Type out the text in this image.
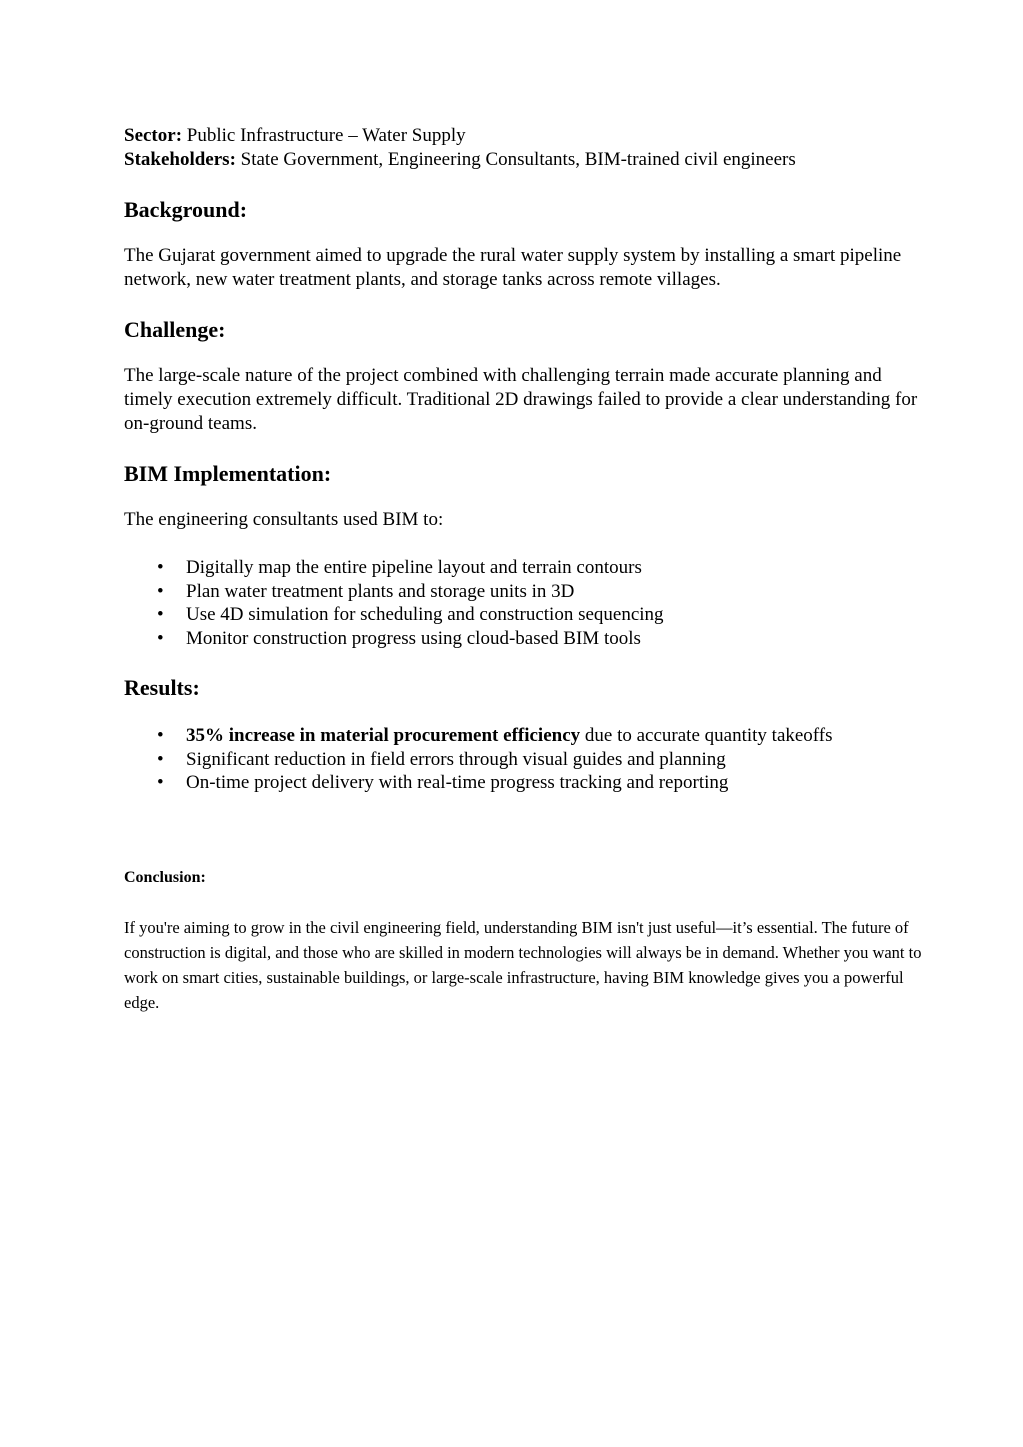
Sector: Public Infrastructure – Water Supply

Stakeholders: State Government, Engineering Consultants, BIM-trained civil engineers

Background:

The Gujarat government aimed to upgrade the rural water supply system by installing a smart pipeline network, new water treatment plants, and storage tanks across remote villages.

Challenge:

The large-scale nature of the project combined with challenging terrain made accurate planning and timely execution extremely difficult. Traditional 2D drawings failed to provide a clear understanding for on-ground teams.

BIM Implementation:

The engineering consultants used BIM to:

• Digitally map the entire pipeline layout and terrain contours
• Plan water treatment plants and storage units in 3D
• Use 4D simulation for scheduling and construction sequencing
• Monitor construction progress using cloud-based BIM tools
Results:
• 35% increase in material procurement efficiency due to accurate quantity takeoffs
• Significant reduction in field errors through visual guides and planning
• On-time project delivery with real-time progress tracking and reporting
Conclusion:

If you're aiming to grow in the civil engineering field, understanding BIM isn't just useful—it’s essential. The future of construction is digital, and those who are skilled in modern technologies will always be in demand. Whether you want to work on smart cities, sustainable buildings, or large-scale infrastructure, having BIM knowledge gives you a powerful edge.
